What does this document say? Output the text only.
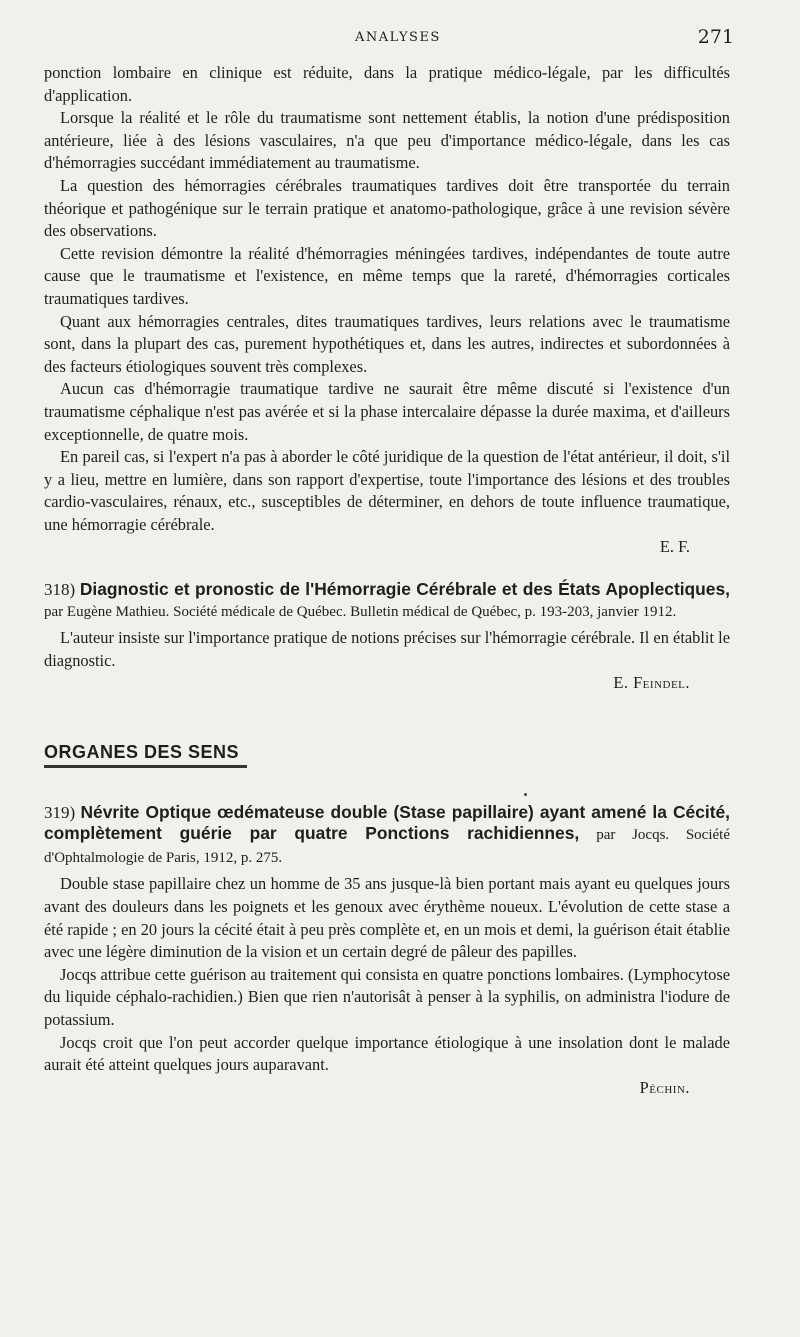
ANALYSES	271

ponction lombaire en clinique est réduite, dans la pratique médico-légale, par les difficultés d'application.

Lorsque la réalité et le rôle du traumatisme sont nettement établis, la notion d'une prédisposition antérieure, liée à des lésions vasculaires, n'a que peu d'importance médico-légale, dans les cas d'hémorragies succédant immédiatement au traumatisme.

La question des hémorragies cérébrales traumatiques tardives doit être transportée du terrain théorique et pathogénique sur le terrain pratique et anatomo-pathologique, grâce à une revision sévère des observations.

Cette revision démontre la réalité d'hémorragies méningées tardives, indépendantes de toute autre cause que le traumatisme et l'existence, en même temps que la rareté, d'hémorragies corticales traumatiques tardives.

Quant aux hémorragies centrales, dites traumatiques tardives, leurs relations avec le traumatisme sont, dans la plupart des cas, purement hypothétiques et, dans les autres, indirectes et subordonnées à des facteurs étiologiques souvent très complexes.

Aucun cas d'hémorragie traumatique tardive ne saurait être même discuté si l'existence d'un traumatisme céphalique n'est pas avérée et si la phase intercalaire dépasse la durée maxima, et d'ailleurs exceptionnelle, de quatre mois.

En pareil cas, si l'expert n'a pas à aborder le côté juridique de la question de l'état antérieur, il doit, s'il y a lieu, mettre en lumière, dans son rapport d'expertise, toute l'importance des lésions et des troubles cardio-vasculaires, rénaux, etc., susceptibles de déterminer, en dehors de toute influence traumatique, une hémorragie cérébrale.

E. F.

318) Diagnostic et pronostic de l'Hémorragie Cérébrale et des États Apoplectiques, par Eugène Mathieu. Société médicale de Québec. Bulletin médical de Québec, p. 193-203, janvier 1912.

L'auteur insiste sur l'importance pratique de notions précises sur l'hémorragie cérébrale. Il en établit le diagnostic.

E. Feindel.

ORGANES DES SENS

319) Névrite Optique œdémateuse double (Stase papillaire) ayant amené la Cécité, complètement guérie par quatre Ponctions rachidiennes, par Jocqs. Société d'Ophtalmologie de Paris, 1912, p. 275.

Double stase papillaire chez un homme de 35 ans jusque-là bien portant mais ayant eu quelques jours avant des douleurs dans les poignets et les genoux avec érythème noueux. L'évolution de cette stase a été rapide ; en 20 jours la cécité était à peu près complète et, en un mois et demi, la guérison était établie avec une légère diminution de la vision et un certain degré de pâleur des papilles.

Jocqs attribue cette guérison au traitement qui consista en quatre ponctions lombaires. (Lymphocytose du liquide céphalo-rachidien.) Bien que rien n'autorisât à penser à la syphilis, on administra l'iodure de potassium.

Jocqs croit que l'on peut accorder quelque importance étiologique à une insolation dont le malade aurait été atteint quelques jours auparavant.

Péchin.
